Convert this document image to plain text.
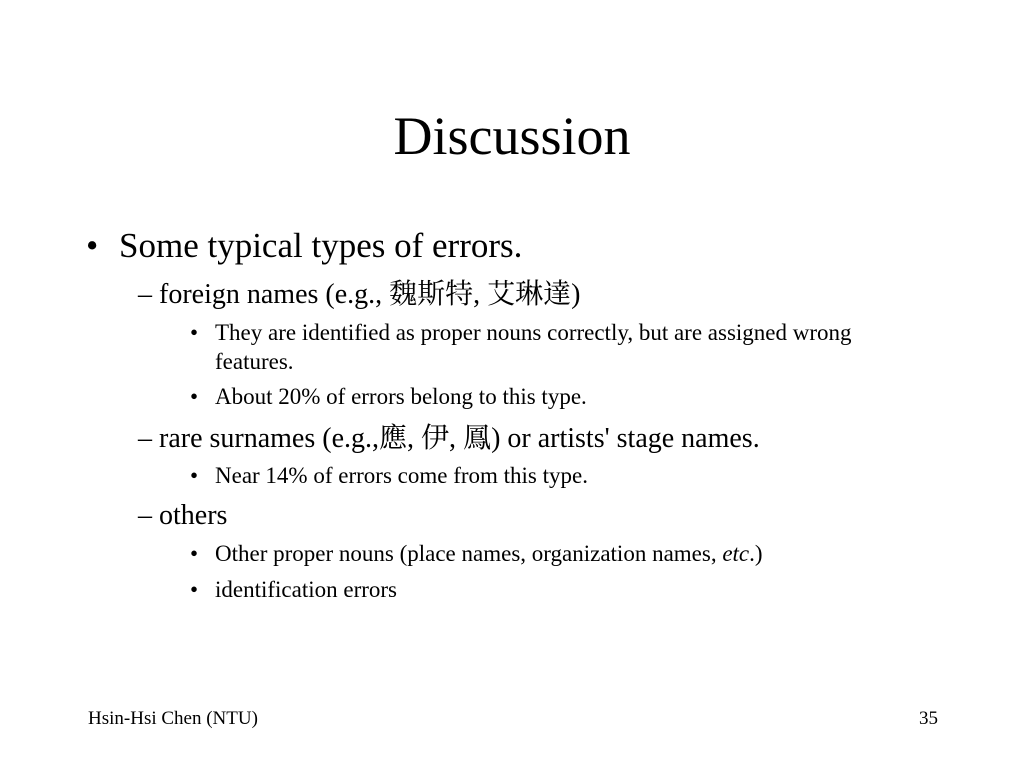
Discussion
• Some typical types of errors.
– foreign names (e.g., 魏斯特, 艾琳達)
• They are identified as proper nouns correctly, but are assigned wrong features.
• About 20% of errors belong to this type.
– rare surnames (e.g.,應, 伊, 鳳) or artists' stage names.
• Near 14% of errors come from this type.
– others
• Other proper nouns (place names, organization names, etc.)
• identification errors
Hsin-Hsi Chen (NTU)	35
